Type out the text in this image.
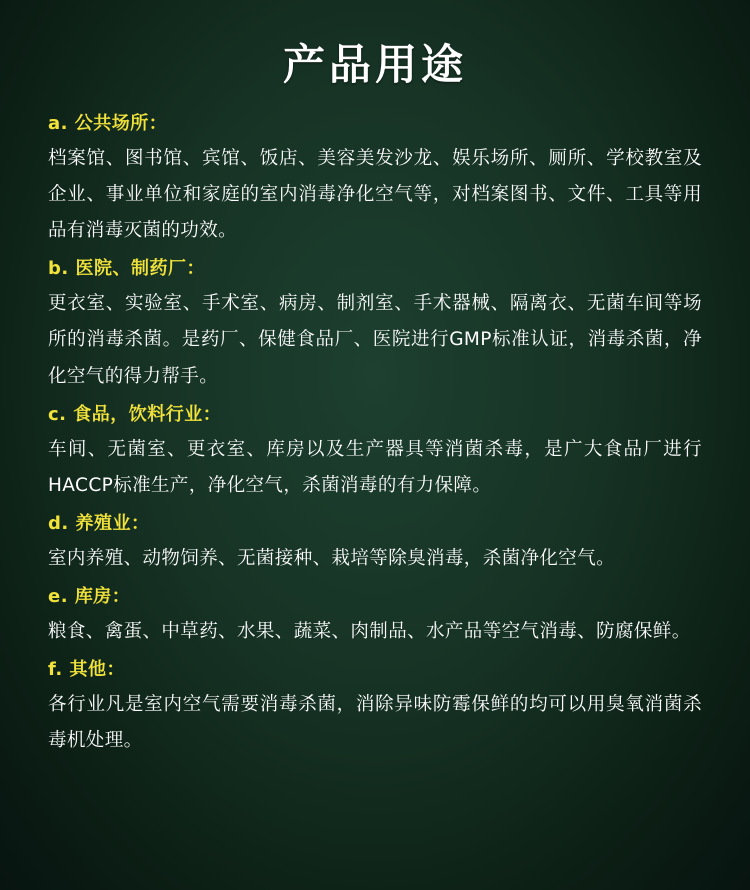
产品用途
a. 公共场所：
档案馆、图书馆、宾馆、饭店、美容美发沙龙、娱乐场所、厕所、学校教室及企业、事业单位和家庭的室内消毒净化空气等，对档案图书、文件、工具等用品有消毒灭菌的功效。
b. 医院、制药厂：
更衣室、实验室、手术室、病房、制剂室、手术器械、隔离衣、无菌车间等场所的消毒杀菌。是药厂、保健食品厂、医院进行GMP标准认证，消毒杀菌，净化空气的得力帮手。
c. 食品，饮料行业：
车间、无菌室、更衣室、库房以及生产器具等消菌杀毒，是广大食品厂进行HACCP标准生产，净化空气，杀菌消毒的有力保障。
d. 养殖业：
室内养殖、动物饲养、无菌接种、栽培等除臭消毒，杀菌净化空气。
e. 库房：
粮食、禽蛋、中草药、水果、蔬菜、肉制品、水产品等空气消毒、防腐保鲜。
f. 其他：
各行业凡是室内空气需要消毒杀菌，消除异味防霉保鲜的均可以用臭氧消菌杀毒机处理。
